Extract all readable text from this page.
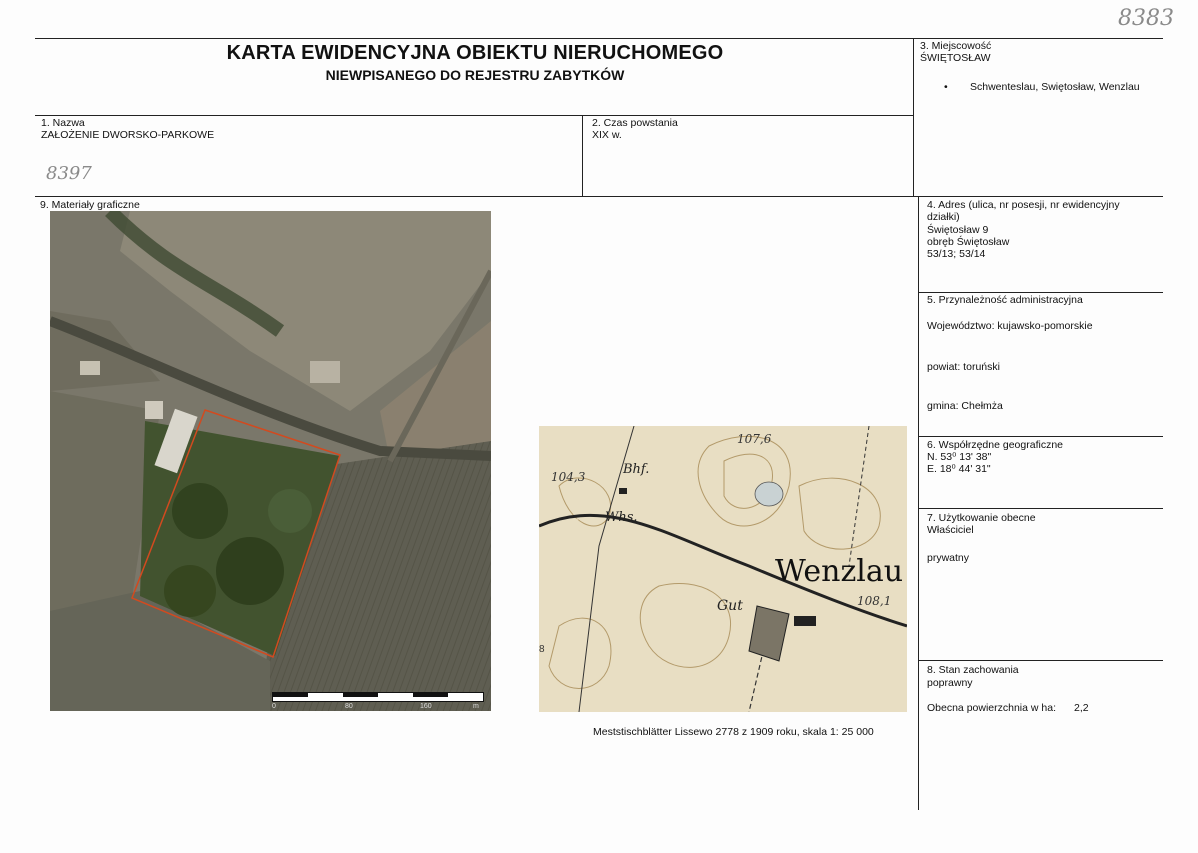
8383
KARTA EWIDENCYJNA OBIEKTU NIERUCHOMEGO
NIEWPISANEGO DO REJESTRU ZABYTKÓW
3. Miejscowość
ŚWIĘTOSŁAW
• Schwenteslau, Swiętosław, Wenzlau
1. Nazwa
ZAŁOŻENIE DWORSKO-PARKOWE
8397
2. Czas powstania
XIX w.
9. Materiały graficzne
0	80	160	m
107,6
104,3
108,1
Bhf.
Whs.
Wenzlau
Gut
8
Meststischblätter Lissewo 2778 z 1909 roku, skala 1: 25 000
4. Adres (ulica, nr posesji, nr ewidencyjny
działki)
Świętosław 9
obręb Świętosław
53/13; 53/14
5. Przynależność administracyjna
Województwo: kujawsko-pomorskie
powiat: toruński
gmina: Chełmża
6. Współrzędne geograficzne
N. 53⁰ 13' 38"
E. 18⁰ 44' 31"
7. Użytkowanie obecne
Właściciel
prywatny
8. Stan zachowania
poprawny
Obecna powierzchnia w ha: 2,2
